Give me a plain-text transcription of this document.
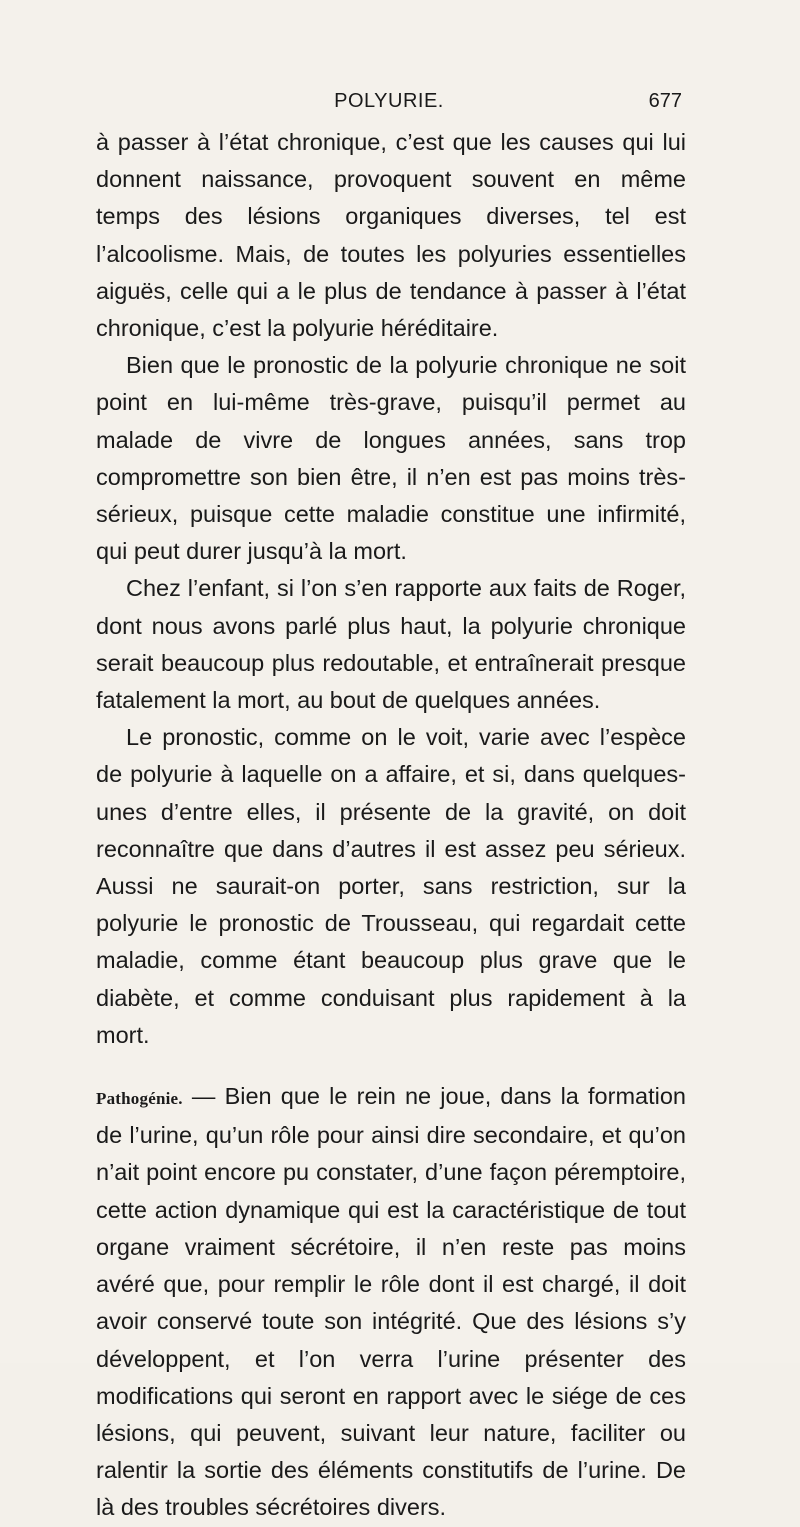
POLYURIE.	677

à passer à l’état chronique, c’est que les causes qui lui donnent naissance, provoquent souvent en même temps des lésions organiques diverses, tel est l’alcoolisme. Mais, de toutes les polyuries essentielles aiguës, celle qui a le plus de tendance à passer à l’état chronique, c’est la polyurie héréditaire.

Bien que le pronostic de la polyurie chronique ne soit point en lui-même très-grave, puisqu’il permet au malade de vivre de longues années, sans trop compromettre son bien être, il n’en est pas moins très-sérieux, puisque cette maladie constitue une infirmité, qui peut durer jusqu’à la mort.

Chez l’enfant, si l’on s’en rapporte aux faits de Roger, dont nous avons parlé plus haut, la polyurie chronique serait beaucoup plus redoutable, et entraînerait presque fatalement la mort, au bout de quelques années.

Le pronostic, comme on le voit, varie avec l’espèce de polyurie à laquelle on a affaire, et si, dans quelques-unes d’entre elles, il présente de la gravité, on doit reconnaître que dans d’autres il est assez peu sérieux. Aussi ne saurait-on porter, sans restriction, sur la polyurie le pronostic de Trousseau, qui regardait cette maladie, comme étant beaucoup plus grave que le diabète, et comme conduisant plus rapidement à la mort.

Pathogénie. — Bien que le rein ne joue, dans la formation de l’urine, qu’un rôle pour ainsi dire secondaire, et qu’on n’ait point encore pu constater, d’une façon péremptoire, cette action dynamique qui est la caractéristique de tout organe vraiment sécrétoire, il n’en reste pas moins avéré que, pour remplir le rôle dont il est chargé, il doit avoir conservé toute son intégrité. Que des lésions s’y développent, et l’on verra l’urine présenter des modifications qui seront en rapport avec le siége de ces lésions, qui peuvent, suivant leur nature, faciliter ou ralentir la sortie des éléments constitutifs de l’urine. De là des troubles sécrétoires divers.
